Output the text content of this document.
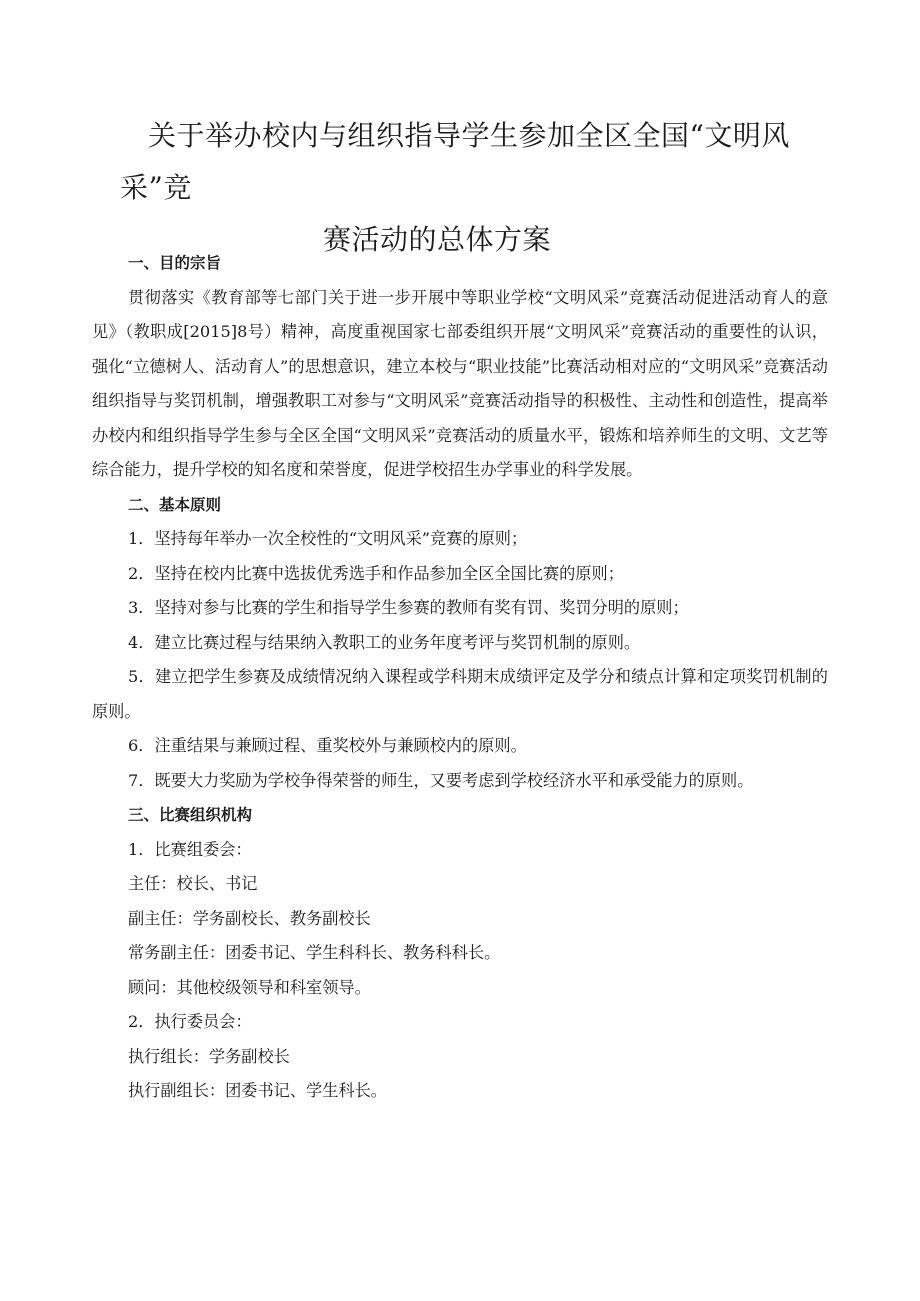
关于举办校内与组织指导学生参加全区全国“文明风采”竞
赛活动的总体方案

一、目的宗旨

贯彻落实《教育部等七部门关于进一步开展中等职业学校“文明风采”竞赛活动促进活动育人的意见》（教职成[2015]8号）精神，高度重视国家七部委组织开展“文明风采”竞赛活动的重要性的认识，强化“立德树人、活动育人”的思想意识，建立本校与“职业技能”比赛活动相对应的“文明风采”竞赛活动组织指导与奖罚机制，增强教职工对参与“文明风采”竞赛活动指导的积极性、主动性和创造性，提高举办校内和组织指导学生参与全区全国“文明风采”竞赛活动的质量水平，锻炼和培养师生的文明、文艺等综合能力，提升学校的知名度和荣誉度，促进学校招生办学事业的科学发展。

二、基本原则

1．坚持每年举办一次全校性的“文明风采”竞赛的原则；

2．坚持在校内比赛中选拔优秀选手和作品参加全区全国比赛的原则；

3．坚持对参与比赛的学生和指导学生参赛的教师有奖有罚、奖罚分明的原则；

4．建立比赛过程与结果纳入教职工的业务年度考评与奖罚机制的原则。

5．建立把学生参赛及成绩情况纳入课程或学科期末成绩评定及学分和绩点计算和定项奖罚机制的原则。

6．注重结果与兼顾过程、重奖校外与兼顾校内的原则。

7．既要大力奖励为学校争得荣誉的师生，又要考虑到学校经济水平和承受能力的原则。

三、比赛组织机构

1．比赛组委会：

主任：校长、书记

副主任：学务副校长、教务副校长

常务副主任：团委书记、学生科科长、教务科科长。

顾问：其他校级领导和科室领导。

2．执行委员会：

执行组长：学务副校长

执行副组长：团委书记、学生科长。
